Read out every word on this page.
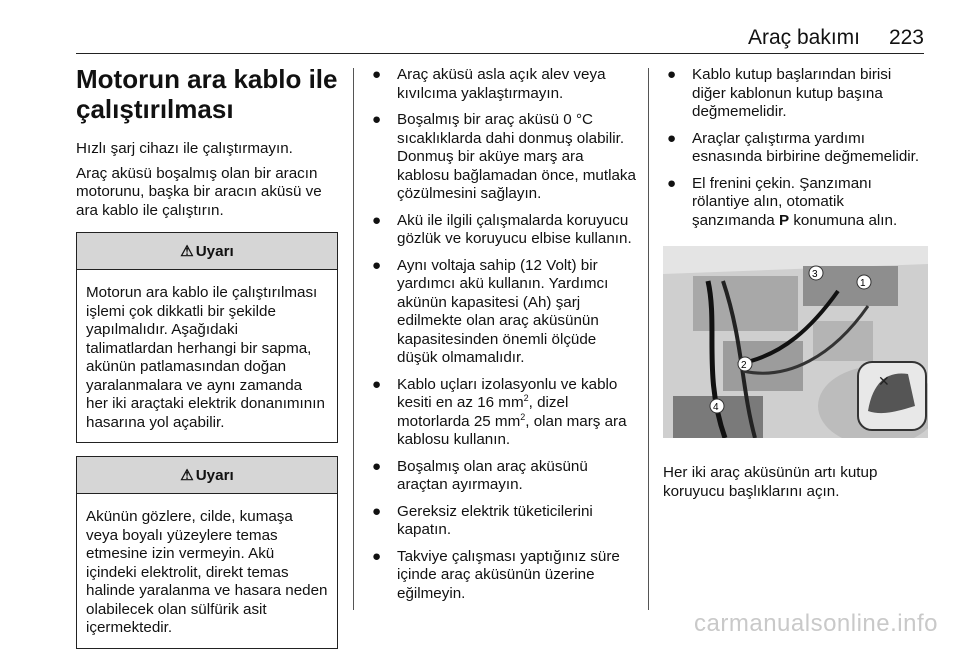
Araç bakımı 223
Motorun ara kablo ile çalıştırılması

Hızlı şarj cihazı ile çalıştırmayın.

Araç aküsü boşalmış olan bir aracın motorunu, başka bir aracın aküsü ve ara kablo ile çalıştırın.

⚠ Uyarı
Motorun ara kablo ile çalıştırılması işlemi çok dikkatli bir şekilde yapılmalıdır. Aşağıdaki talimatlardan herhangi bir sapma, akünün patlamasından doğan yaralanmalara ve aynı zamanda her iki araçtaki elektrik donanımının hasarına yol açabilir.
⚠ Uyarı
Akünün gözlere, cilde, kumaşa veya boyalı yüzeylere temas etmesine izin vermeyin. Akü içindeki elektrolit, direkt temas halinde yaralanma ve hasara neden olabilecek olan sülfürik asit içermektedir.
● Araç aküsü asla açık alev veya kıvılcıma yaklaştırmayın.
● Boşalmış bir araç aküsü 0 °C sıcaklıklarda dahi donmuş olabilir. Donmuş bir aküye marş ara kablosu bağlamadan önce, mutlaka çözülmesini sağlayın.
● Akü ile ilgili çalışmalarda koruyucu gözlük ve koruyucu elbise kullanın.
● Aynı voltaja sahip (12 Volt) bir yardımcı akü kullanın. Yardımcı akünün kapasitesi (Ah) şarj edilmekte olan araç aküsünün kapasitesinden önemli ölçüde düşük olmamalıdır.
● Kablo uçları izolasyonlu ve kablo kesiti en az 16 $mm^2$, dizel motorlarda 25 $mm^2$, olan marş ara kablosu kullanın.
● Boşalmış olan araç aküsünü araçtan ayırmayın.
● Gereksiz elektrik tüketicilerini kapatın.
● Takviye çalışması yaptığınız süre içinde araç aküsünün üzerine eğilmeyin.
● Kablo kutup başlarından birisi diğer kablonun kutup başına değmemelidir.
● Araçlar çalıştırma yardımı esnasında birbirine değmemelidir.
● El frenini çekin. Şanzımanı rölantiye alın, otomatik şanzımanda P konumuna alın.
✕
3
1
2
4

Her iki araç aküsünün artı kutup koruyucu başlıklarını açın.

carmanualsonline.info
